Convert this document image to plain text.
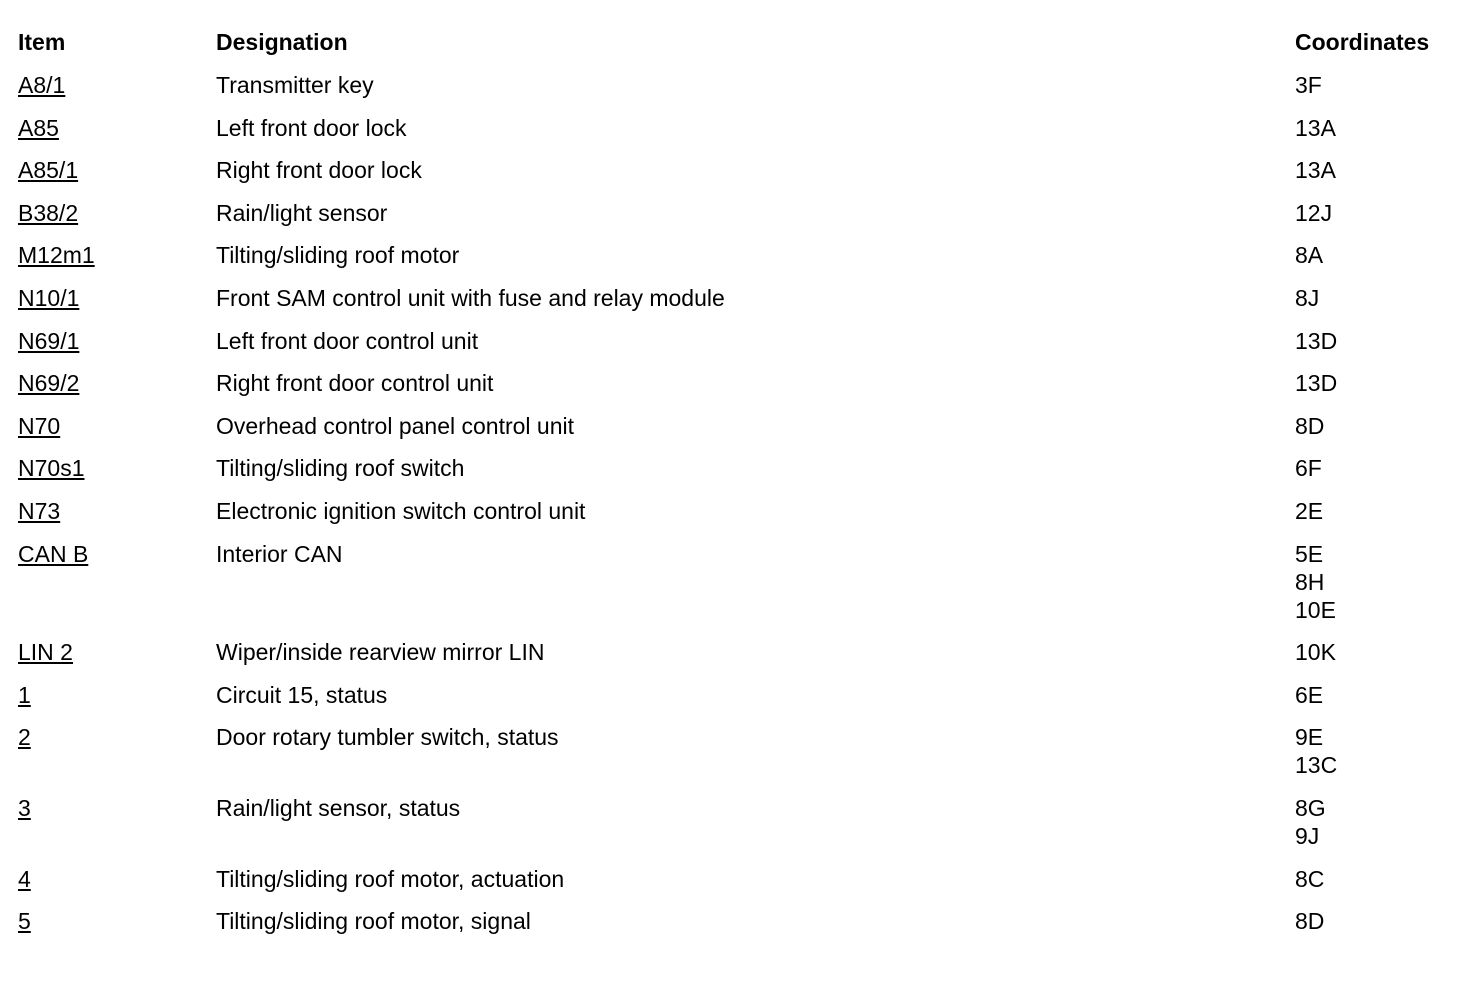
Item	Designation	Coordinates
A8/1	Transmitter key	3F
A85	Left front door lock	13A
A85/1	Right front door lock	13A
B38/2	Rain/light sensor	12J
M12m1	Tilting/sliding roof motor	8A
N10/1	Front SAM control unit with fuse and relay module	8J
N69/1	Left front door control unit	13D
N69/2	Right front door control unit	13D
N70	Overhead control panel control unit	8D
N70s1	Tilting/sliding roof switch	6F
N73	Electronic ignition switch control unit	2E
CAN B	Interior CAN	5E
8H
10E
LIN 2	Wiper/inside rearview mirror LIN	10K
1	Circuit 15, status	6E
2	Door rotary tumbler switch, status	9E
13C
3	Rain/light sensor, status	8G
9J
4	Tilting/sliding roof motor, actuation	8C
5	Tilting/sliding roof motor, signal	8D
